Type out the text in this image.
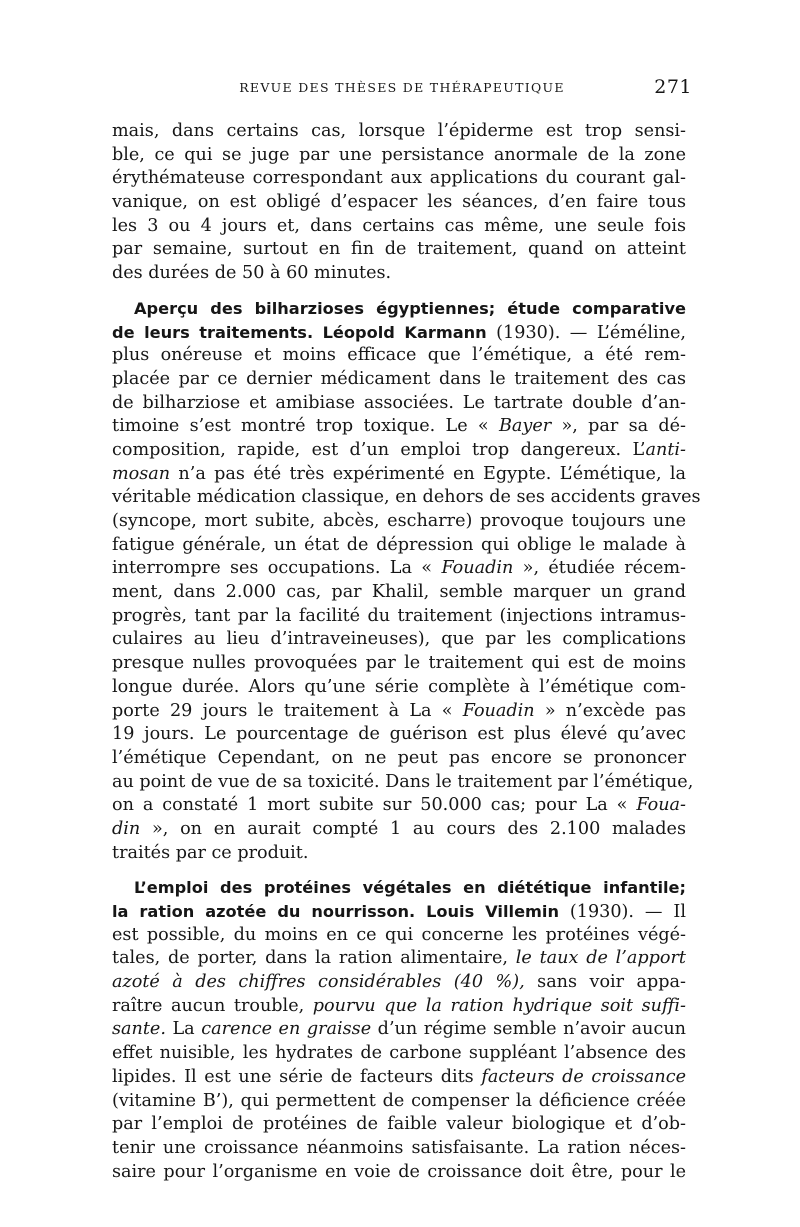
REVUE DES THÈSES DE THÉRAPEUTIQUE	271
mais, dans certains cas, lorsque l’épiderme est trop sensi-
ble, ce qui se juge par une persistance anormale de la zone
érythémateuse correspondant aux applications du courant gal-
vanique, on est obligé d’espacer les séances, d’en faire tous
les 3 ou 4 jours et, dans certains cas même, une seule fois
par semaine, surtout en fin de traitement, quand on atteint
des durées de 50 à 60 minutes.
Aperçu des bilharzioses égyptiennes; étude comparative
de leurs traitements. Léopold Karmann (1930). — L’éméline,
plus onéreuse et moins efficace que l’émétique, a été rem-
placée par ce dernier médicament dans le traitement des cas
de bilharziose et amibiase associées. Le tartrate double d’an-
timoine s’est montré trop toxique. Le « Bayer », par sa dé-
composition, rapide, est d’un emploi trop dangereux. L’anti-
mosan n’a pas été très expérimenté en Egypte. L’émétique, la
véritable médication classique, en dehors de ses accidents graves
(syncope, mort subite, abcès, escharre) provoque toujours une
fatigue générale, un état de dépression qui oblige le malade à
interrompre ses occupations. La « Fouadin », étudiée récem-
ment, dans 2.000 cas, par Khalil, semble marquer un grand
progrès, tant par la facilité du traitement (injections intramus-
culaires au lieu d’intraveineuses), que par les complications
presque nulles provoquées par le traitement qui est de moins
longue durée. Alors qu’une série complète à l’émétique com-
porte 29 jours le traitement à La « Fouadin » n’excède pas
19 jours. Le pourcentage de guérison est plus élevé qu’avec
l’émétique Cependant, on ne peut pas encore se prononcer
au point de vue de sa toxicité. Dans le traitement par l’émétique,
on a constaté 1 mort subite sur 50.000 cas; pour La « Foua-
din », on en aurait compté 1 au cours des 2.100 malades
traités par ce produit.
L’emploi des protéines végétales en diététique infantile;
la ration azotée du nourrisson. Louis Villemin (1930). — Il
est possible, du moins en ce qui concerne les protéines végé-
tales, de porter, dans la ration alimentaire, le taux de l’apport
azoté à des chiffres considérables (40 %), sans voir appa-
raître aucun trouble, pourvu que la ration hydrique soit suffi-
sante. La carence en graisse d’un régime semble n’avoir aucun
effet nuisible, les hydrates de carbone suppléant l’absence des
lipides. Il est une série de facteurs dits facteurs de croissance
(vitamine B’), qui permettent de compenser la déficience créée
par l’emploi de protéines de faible valeur biologique et d’ob-
tenir une croissance néanmoins satisfaisante. La ration néces-
saire pour l’organisme en voie de croissance doit être, pour le
